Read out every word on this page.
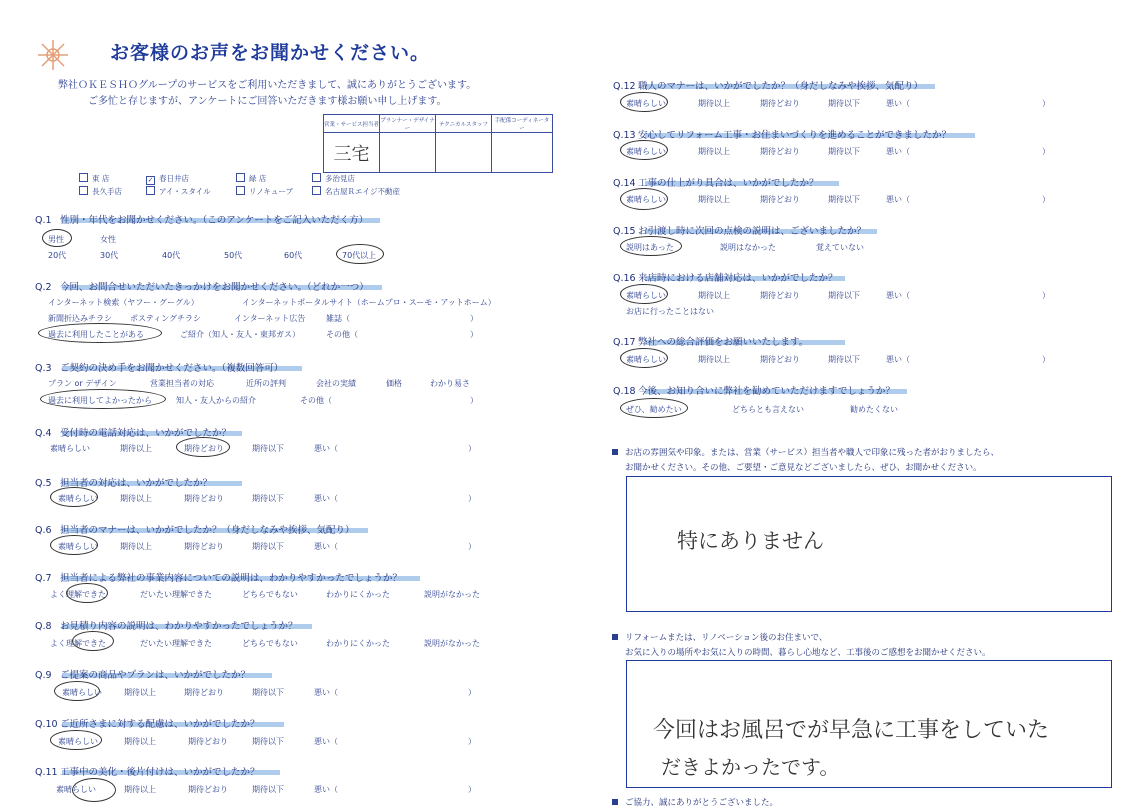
お客様のお声をお聞かせください。
弊社ＯＫＥＳＨＯグループのサービスをご利用いただきまして、誠にありがとうございます。
ご多忙と存じますが、アンケートにご回答いただきます様お願い申し上げます。
営業・サービス担当者	プランナー・デザイナー	テクニカルスタッフ	手配係コーディネーター
三宅			
東 店	✓ 春日井店	緑 店	多治見店
長久手店	アイ・スタイル	リノキューブ	名古屋Ｒエイジ不動産
Q.1 性別・年代をお聞かせください。（このアンケートをご記入いただく方）
男性	女性
20代	30代	40代	50代	60代	70代以上
Q.2 今回、お問合せいただいたきっかけをお聞かせください。（どれか一つ）
インターネット検索（ヤフー・グーグル）	インターネットポータルサイト（ホームプロ・スーモ・アットホーム）
新聞折込みチラシ ポスティングチラシ	インターネット広告	雑誌（	）
過去に利用したことがある	ご紹介（知人・友人・東邦ガス）	その他（	）
Q.3 ご契約の決め手をお聞かせください。（複数回答可）
プラン or デザイン	営業担当者の対応	近所の評判	会社の実績	価格	わかり易さ
過去に利用してよかったから	知人・友人からの紹介	その他（	）
Q.4 受付時の電話対応は、いかがでしたか？
素晴らしい	期待以上	期待どおり	期待以下	悪い（	）
Q.5 担当者の対応は、いかがでしたか？
素晴らしい	期待以上	期待どおり	期待以下	悪い（	）
Q.6 担当者のマナーは、いかがでしたか？（身だしなみや挨拶、気配り）
素晴らしい	期待以上	期待どおり	期待以下	悪い（	）
Q.7 担当者による弊社の事業内容についての説明は、わかりやすかったでしょうか？
よく理解できた	だいたい理解できた	どちらでもない	わかりにくかった	説明がなかった
Q.8 お見積り内容の説明は、わかりやすかったでしょうか？
よく理解できた	だいたい理解できた	どちらでもない	わかりにくかった	説明がなかった
Q.9 ご提案の商品やプランは、いかがでしたか？
素晴らしい	期待以上	期待どおり	期待以下	悪い（	）
Q.10 ご近所さまに対する配慮は、いかがでしたか？
素晴らしい	期待以上	期待どおり	期待以下	悪い（	）
Q.11 工事中の美化・後片付けは、いかがでしたか？
素晴らしい	期待以上	期待どおり	期待以下	悪い（	）
Q.12 職人のマナーは、いかがでしたか？（身だしなみや挨拶、気配り）
素晴らしい	期待以上	期待どおり	期待以下	悪い（	）
Q.13 安心してリフォーム工事・お住まいづくりを進めることができましたか？
素晴らしい	期待以上	期待どおり	期待以下	悪い（	）
Q.14 工事の仕上がり具合は、いかがでしたか？
素晴らしい	期待以上	期待どおり	期待以下	悪い（	）
Q.15 お引渡し時に次回の点検の説明は、ございましたか？
説明はあった	説明はなかった	覚えていない
Q.16 来店時における店舗対応は、いかがでしたか？
素晴らしい	期待以上	期待どおり	期待以下	悪い（	）
お店に行ったことはない
Q.17 弊社への総合評価をお願いいたします。
素晴らしい	期待以上	期待どおり	期待以下	悪い（	）
Q.18 今後、お知り合いに弊社を勧めていただけますでしょうか？
ぜひ、勧めたい	どちらとも言えない	勧めたくない
お店の雰囲気や印象。または、営業（サービス）担当者や職人で印象に残った者がおりましたら、
お聞かせください。その他、ご要望・ご意見などございましたら、ぜひ、お聞かせください。
特にありません
リフォームまたは、リノベーション後のお住まいで、
お気に入りの場所やお気に入りの時間、暮らし心地など、工事後のご感想をお聞かせください。
今回はお風呂でが早急に工事をしていた
だきよかったです。
ご協力、誠にありがとうございました。
